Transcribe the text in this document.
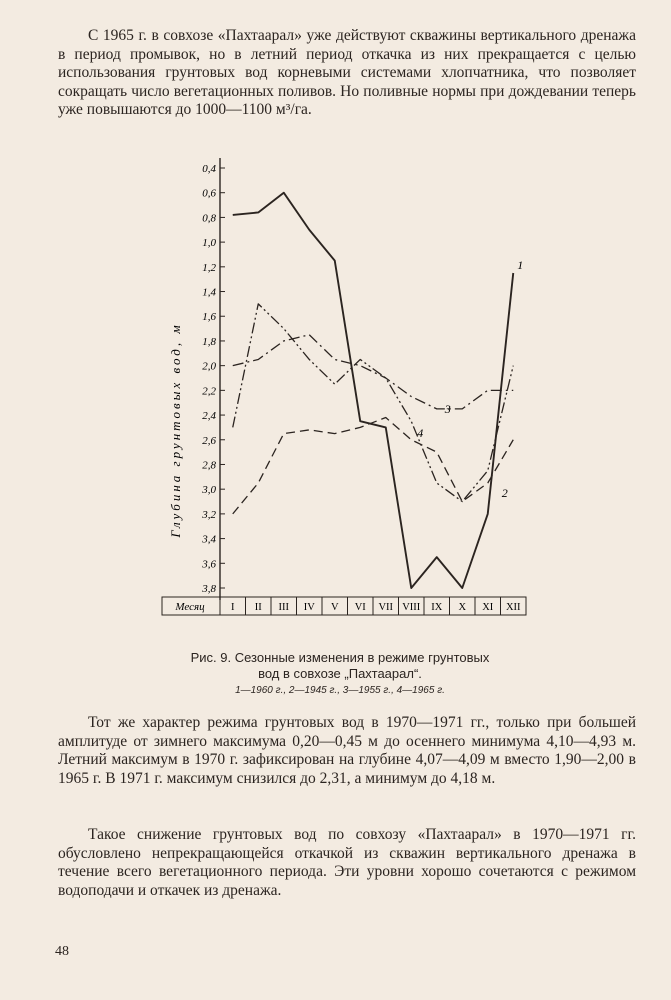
С 1965 г. в совхозе «Пахтаарал» уже действуют скважины вертикального дренажа в период промывок, но в летний период откачка из них прекращается с целью использования грунтовых вод корневыми системами хлопчатника, что позволяет сокращать число вегетационных поливов. Но поливные нормы при дождевании теперь уже повышаются до 1000—1100 м³/га.

0,4
0,6
0,8
1,0
1,2
1,4
1,6
1,8
2,0
2,2
2,4
2,6
2,8
3,0
3,2
3,4
3,6
3,8
Месяц	I II III IV V VI VII VIII IX X XI XII
1
2
3
4
Глубина грунтовых вод, м
Рис. 9. Сезонные изменения в режиме грунтовых
вод в совхозе „Пахтаарал“.
1—1960 г., 2—1945 г., 3—1955 г., 4—1965 г.

Тот же характер режима грунтовых вод в 1970—1971 гг., только при большей амплитуде от зимнего максимума 0,20—0,45 м до осеннего минимума 4,10—4,93 м. Летний максимум в 1970 г. зафиксирован на глубине 4,07—4,09 м вместо 1,90—2,00 в 1965 г. В 1971 г. максимум снизился до 2,31, а минимум до 4,18 м.

Такое снижение грунтовых вод по совхозу «Пахтаарал» в 1970—1971 гг. обусловлено непрекращающейся откачкой из скважин вертикального дренажа в течение всего вегетационного периода. Эти уровни хорошо сочетаются с режимом водоподачи и откачек из дренажа.

48
